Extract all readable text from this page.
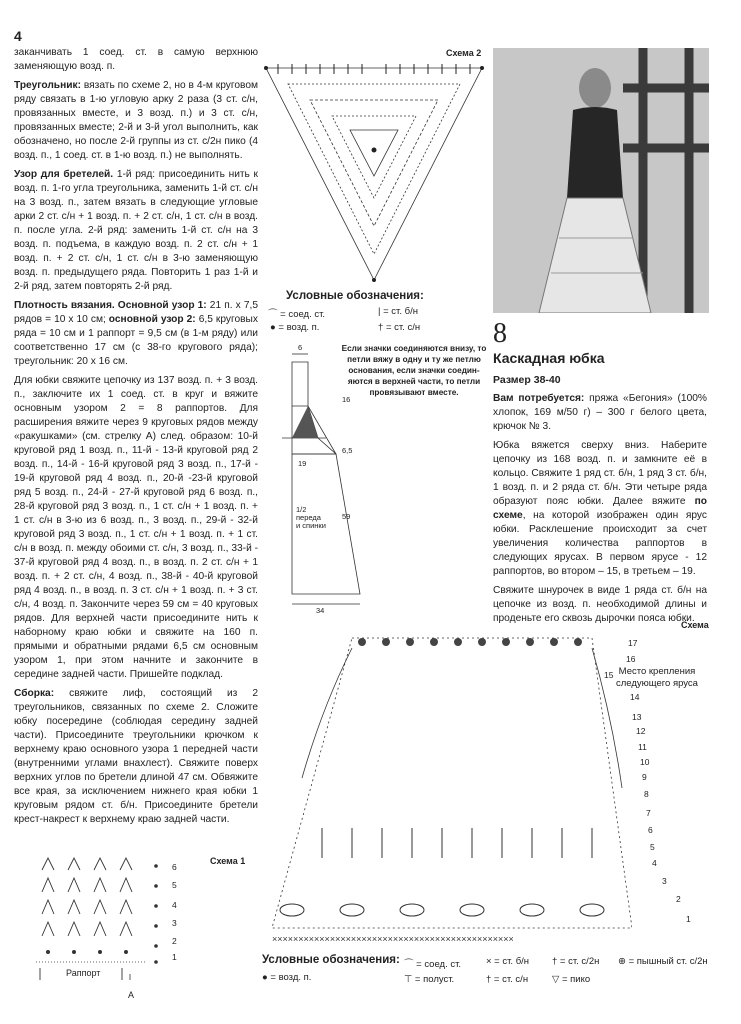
4

заканчивать 1 соед. ст. в самую верхнюю заменяющую возд. п.

Треугольник: вязать по схеме 2, но в 4-м круговом ряду связать в 1-ю угловую арку 2 раза (3 ст. с/н, провязанных вместе, и 3 возд. п.) и 3 ст. с/н, провязанных вместе; 2-й и 3-й угол выполнить, как обозначено, но после 2-й группы из ст. с/2н пико (4 возд. п., 1 соед. ст. в 1-ю возд. п.) не выполнять.

Узор для бретелей. 1-й ряд: присоединить нить к возд. п. 1-го угла треугольника, заменить 1-й ст. с/н на 3 возд. п., затем вязать в следующие угловые арки 2 ст. с/н + 1 возд. п. + 2 ст. с/н, 1 ст. с/н в возд. п. после угла. 2-й ряд: заменить 1-й ст. с/н на 3 возд. п. подъема, в каждую возд. п. 2 ст. с/н + 1 возд. п. + 2 ст. с/н, 1 ст. с/н в 3-ю заменяющую возд. п. предыдущего ряда. Повторить 1 раз 1-й и 2-й ряд, затем повторять 2-й ряд.

Плотность вязания. Основной узор 1: 21 п. х 7,5 рядов = 10 х 10 см; основной узор 2: 6,5 круговых ряда = 10 см и 1 раппорт = 9,5 см (в 1-м ряду) или соответственно 17 см (с 38-го кругового ряда); треугольник: 20 х 16 см.

Для юбки свяжите цепочку из 137 возд. п. + 3 возд. п., заключите их 1 соед. ст. в круг и вяжите основным узором 2 = 8 раппортов. Для расширения вяжите через 9 круговых рядов между «ракушками» (см. стрелку А) след. образом: 10-й круговой ряд 1 возд. п., 11-й - 13-й круговой ряд 2 возд. п., 14-й - 16-й круговой ряд 3 возд. п., 17-й - 19-й круговой ряд 4 возд. п., 20-й -23-й круговой ряд 5 возд. п., 24-й - 27-й круговой ряд 6 возд. п., 28-й круговой ряд 3 возд. п., 1 ст. с/н + 1 возд. п. + 1 ст. с/н в 3-ю из 6 возд. п., 3 возд. п., 29-й - 32-й круговой ряд 3 возд. п., 1 ст. с/н + 1 возд. п. + 1 ст. с/н в возд. п. между обоими ст. с/н, 3 возд. п., 33-й - 37-й круговой ряд 4 возд. п., в возд. п. 2 ст. с/н + 1 возд. п. + 2 ст. с/н, 4 возд. п., 38-й - 40-й круговой ряд 4 возд. п., в возд. п. 3 ст. с/н + 1 возд. п. + 3 ст. с/н, 4 возд. п. Закончите через 59 см = 40 круговых рядов. Для верхней части присоедините нить к наборному краю юбки и свяжите на 160 п. прямыми и обратными рядами 6,5 см основным узором 1, при этом начните и закончите в середине задней части. Пришейте подклад.

Сборка: свяжите лиф, состоящий из 2 треугольников, связанных по схеме 2. Сложите юбку посередине (соблюдая середину задней части). Присоедините треугольники крючком к верхнему краю основного узора 1 передней части (внутренними углами внахлест). Свяжите поверх верхних углов по бретели длиной 47 см. Обвяжите все края, за исключением нижнего края юбки 1 круговым рядом ст. б/н. Присоедините бретели крест-накрест к верхнему краю задней части.

Схема 2
Условные обозначения:
⌒ = соед. ст.	| = ст. б/н
● = возд. п.	† = ст. с/н
6
16
6,5
19
59
34
1/2
переда
и спинки
Если значки соединяются внизу, то
петли вяжу в одну и ту же петлю
основания, если значки соедин-
яются в верхней части, то петли
провязывают вместе.
8
Каскадная юбка

Размер 38-40

Вам потребуется: пряжа «Бегония» (100% хлопок, 169 м/50 г) – 300 г белого цвета, крючок № 3.

Юбка вяжется сверху вниз. Наберите цепочку из 168 возд. п. и замкните её в кольцо. Свяжите 1 ряд ст. б/н, 1 ряд 3 ст. б/н, 1 возд. п. и 2 ряда ст. б/н. Эти четыре ряда образуют пояс юбки. Далее вяжите по схеме, на которой изображен один ярус юбки. Расклешение происходит за счет увеличения количества раппортов в следующих ярусах. В первом ярусе - 12 раппортов, во втором – 15, в третьем – 19.

Свяжите шнурочек в виде 1 ряда ст. б/н на цепочке из возд. п. необходимой длины и проденьте его сквозь дырочки пояса юбки.

Схема
××××××××××××××××××××××××××××××××××××××××××××××
Место крепления
следующего яруса
17
16
15
14
13
12
11
10
9
8
7
6
5
4
3
2
1
Схема 1
6
5
4
3
2
1
Раппорт
А
Условные обозначения: ⌒ = соед. ст.	× = ст. б/н † = ст. с/2н ⊕ = пышный ст. с/2н
● = возд. п.	⊤ = полуст.	† = ст. с/н	▽ = пико
